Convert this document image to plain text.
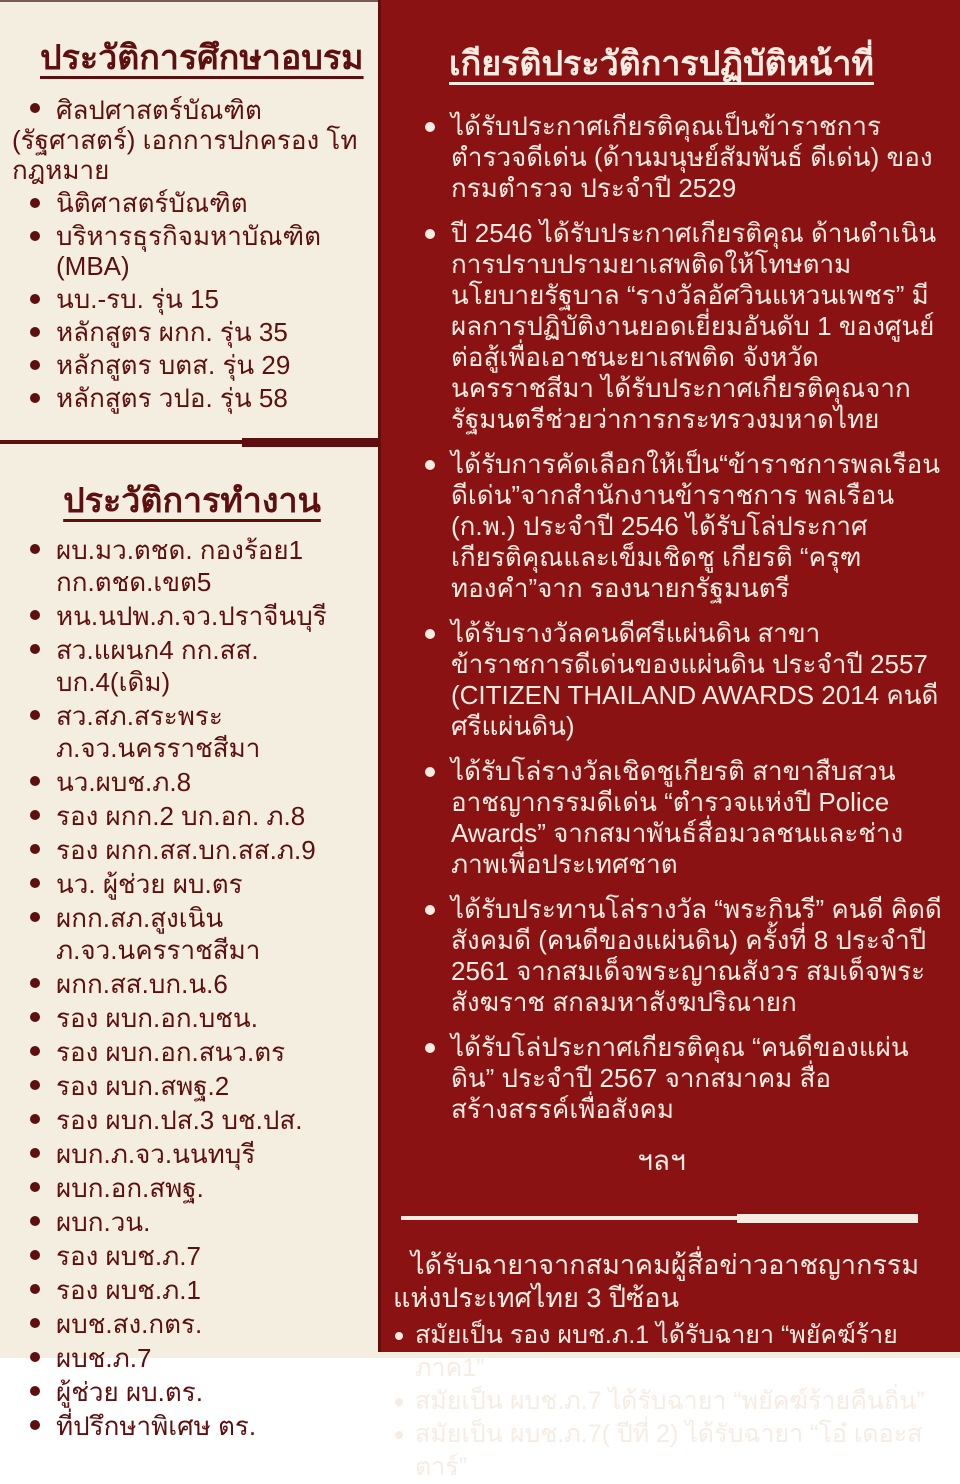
ประวัติการศึกษาอบรม
ศิลปศาสตร์บัณฑิต (รัฐศาสตร์) เอกการปกครอง โทกฎหมาย
นิติศาสตร์บัณฑิต
บริหารธุรกิจมหาบัณฑิต (MBA)
นบ.-รบ. รุ่น 15
หลักสูตร ผกก. รุ่น 35
หลักสูตร บตส. รุ่น 29
หลักสูตร วปอ. รุ่น 58
ประวัติการทำงาน
ผบ.มว.ตชด. กองร้อย1 กก.ตชด.เขต5
หน.นปพ.ภ.จว.ปราจีนบุรี
สว.แผนก4 กก.สส. บก.4(เดิม)
สว.สภ.สระพระ ภ.จว.นครราชสีมา
นว.ผบช.ภ.8
รอง ผกก.2 บก.อก. ภ.8
รอง ผกก.สส.บก.สส.ภ.9
นว. ผู้ช่วย ผบ.ตร
ผกก.สภ.สูงเนิน ภ.จว.นครราชสีมา
ผกก.สส.บก.น.6
รอง ผบก.อก.บชน.
รอง ผบก.อก.สนว.ตร
รอง ผบก.สพฐ.2
รอง ผบก.ปส.3 บช.ปส.
ผบก.ภ.จว.นนทบุรี
ผบก.อก.สพฐ.
ผบก.วน.
รอง ผบช.ภ.7
รอง ผบช.ภ.1
ผบช.สง.กตร.
ผบช.ภ.7
ผู้ช่วย ผบ.ตร.
ที่ปรึกษาพิเศษ ตร.
เกียรติประวัติการปฏิบัติหน้าที่
ได้รับประกาศเกียรติคุณเป็นข้าราชการตำรวจดีเด่น (ด้านมนุษย์สัมพันธ์ ดีเด่น) ของกรมตำรวจ ประจำปี 2529
ปี 2546 ได้รับประกาศเกียรติคุณ ด้านดำเนินการปราบปรามยาเสพติดให้โทษตาม นโยบายรัฐบาล “รางวัลอัศวินแหวนเพชร” มีผลการปฏิบัติงานยอดเยี่ยมอันดับ 1 ของศูนย์ต่อสู้เพื่อเอาชนะยาเสพติด จังหวัดนครราชสีมา ได้รับประกาศเกียรติคุณจากรัฐมนตรีช่วยว่าการกระทรวงมหาดไทย
ได้รับการคัดเลือกให้เป็น“ข้าราชการพลเรือนดีเด่น”จากสำนักงานข้าราชการ พลเรือน (ก.พ.) ประจำปี 2546 ได้รับโล่ประกาศเกียรติคุณและเข็มเชิดชู เกียรติ “ครุฑทองคำ”จาก รองนายกรัฐมนตรี
ได้รับรางวัลคนดีศรีแผ่นดิน สาขาข้าราชการดีเด่นของแผ่นดิน ประจำปี 2557 (CITIZEN THAILAND AWARDS 2014 คนดีศรีแผ่นดิน)
ได้รับโล่รางวัลเชิดชูเกียรติ สาขาสืบสวนอาชญากรรมดีเด่น “ตำรวจแห่งปี Police Awards” จากสมาพันธ์สื่อมวลชนและช่างภาพเพื่อประเทศชาต
ได้รับประทานโล่รางวัล “พระกินรี” คนดี คิดดี สังคมดี (คนดีของแผ่นดิน) ครั้งที่ 8 ประจำปี 2561 จากสมเด็จพระญาณสังวร สมเด็จพระสังฆราช สกลมหาสังฆปริณายก
ได้รับโล่ประกาศเกียรติคุณ “คนดีของแผ่นดิน” ประจำปี 2567 จากสมาคม สื่อสร้างสรรค์เพื่อสังคม
ฯลฯ

ได้รับฉายาจากสมาคมผู้สื่อข่าวอาชญากรรมแห่งประเทศไทย 3 ปีซ้อน

สมัยเป็น รอง ผบช.ภ.1 ได้รับฉายา “พยัคฆ์ร้ายภาค1”
สมัยเป็น ผบช.ภ.7 ได้รับฉายา “พยัคฆ์ร้ายคืนถิ่น”
สมัยเป็น ผบช.ภ.7( ปีที่ 2) ได้รับฉายา “โอ๋ เดอะสตาร์”
